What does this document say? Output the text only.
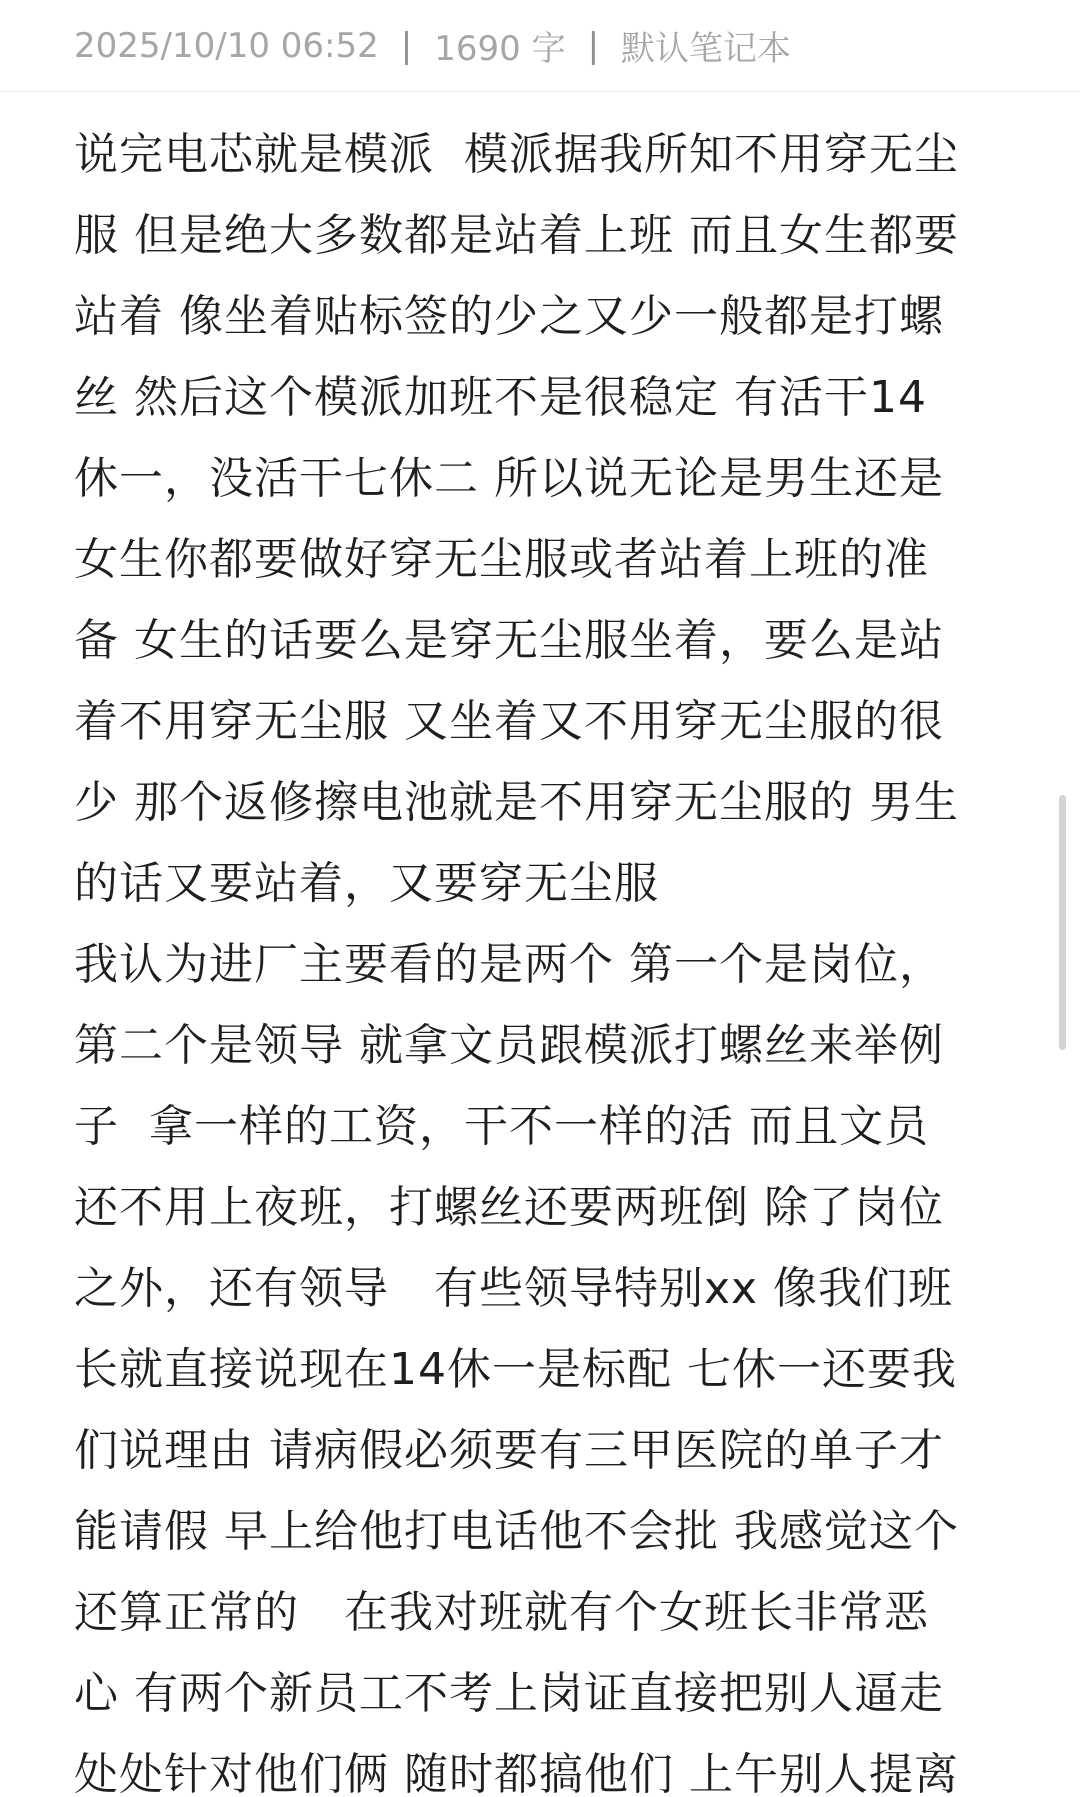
2025/10/10 06:52 | 1690 字 | 默认笔记本
说完电芯就是模派  模派据我所知不用穿无尘
服 但是绝大多数都是站着上班 而且女生都要
站着 像坐着贴标签的少之又少一般都是打螺
丝 然后这个模派加班不是很稳定 有活干14
休一，没活干七休二 所以说无论是男生还是
女生你都要做好穿无尘服或者站着上班的准
备 女生的话要么是穿无尘服坐着，要么是站
着不用穿无尘服 又坐着又不用穿无尘服的很
少 那个返修擦电池就是不用穿无尘服的 男生
的话又要站着，又要穿无尘服
我认为进厂主要看的是两个 第一个是岗位，
第二个是领导 就拿文员跟模派打螺丝来举例
子  拿一样的工资，干不一样的活 而且文员
还不用上夜班，打螺丝还要两班倒 除了岗位
之外，还有领导   有些领导特别xx 像我们班
长就直接说现在14休一是标配 七休一还要我
们说理由 请病假必须要有三甲医院的单子才
能请假 早上给他打电话他不会批 我感觉这个
还算正常的   在我对班就有个女班长非常恶
心 有两个新员工不考上岗证直接把别人逼走
处处针对他们俩 随时都搞他们 上午别人提离
